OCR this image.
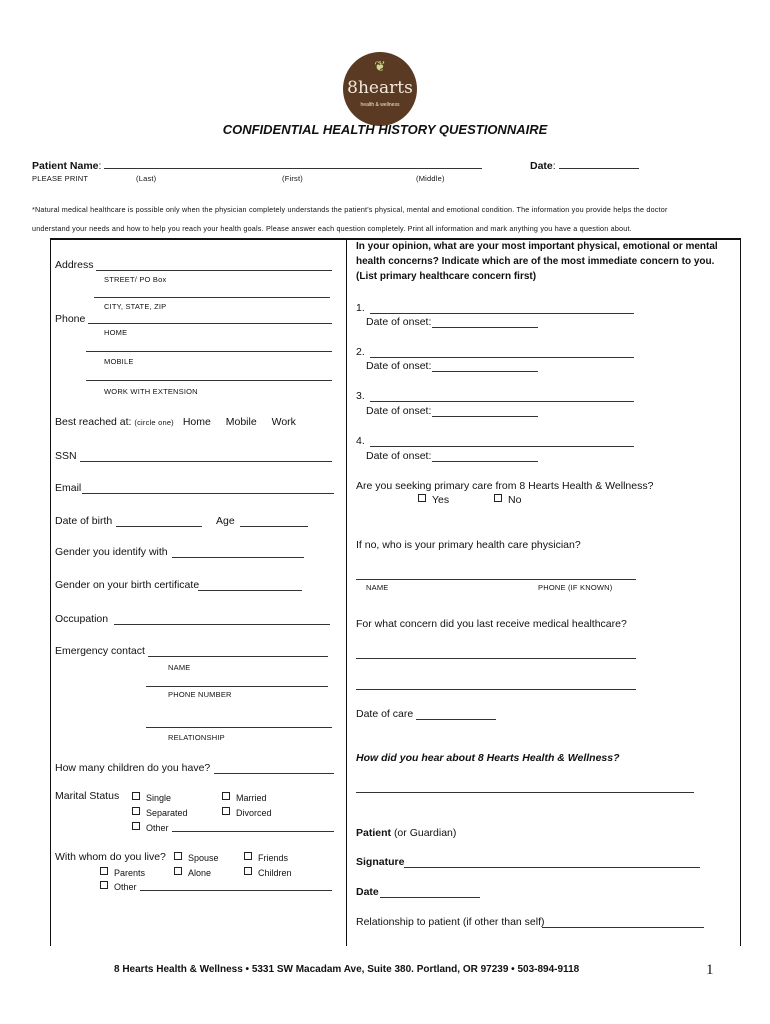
❦
8hearts
health & wellness
CONFIDENTIAL HEALTH HISTORY QUESTIONNAIRE
Patient Name:	Date:
PLEASE PRINT	(Last)	(First)	(Middle)
*Natural medical healthcare is possible only when the physician completely understands the patient's physical, mental and emotional condition. The information you provide helps the doctor
understand your needs and how to help you reach your health goals. Please answer each question completely. Print all information and mark anything you have a question about.
Address
STREET/ PO Box
CITY, STATE, ZIP
Phone
HOME
MOBILE
WORK WITH EXTENSION
Best reached at: (circle one) Home Mobile Work
SSN
Email
Date of birth	Age
Gender you identify with
Gender on your birth certificate
Occupation
Emergency contact
NAME
PHONE NUMBER
RELATIONSHIP
How many children do you have?
Marital Status	Single	Married
Separated	Divorced
Other
With whom do you live?	Spouse	Friends
Parents	Alone	Children
Other
In your opinion, what are your most important physical, emotional or mental
health concerns? Indicate which are of the most immediate concern to you.
(List primary healthcare concern first)
1.
Date of onset:
2.
Date of onset:
3.
Date of onset:
4.
Date of onset:
Are you seeking primary care from 8 Hearts Health & Wellness?
Yes	No
If no, who is your primary health care physician?
NAME	PHONE (IF KNOWN)
For what concern did you last receive medical healthcare?
Date of care
How did you hear about 8 Hearts Health & Wellness?
Patient (or Guardian)
Signature
Date
Relationship to patient (if other than self)
8 Hearts Health & Wellness • 5331 SW Macadam Ave, Suite 380. Portland, OR 97239 • 503-894-9118	1
